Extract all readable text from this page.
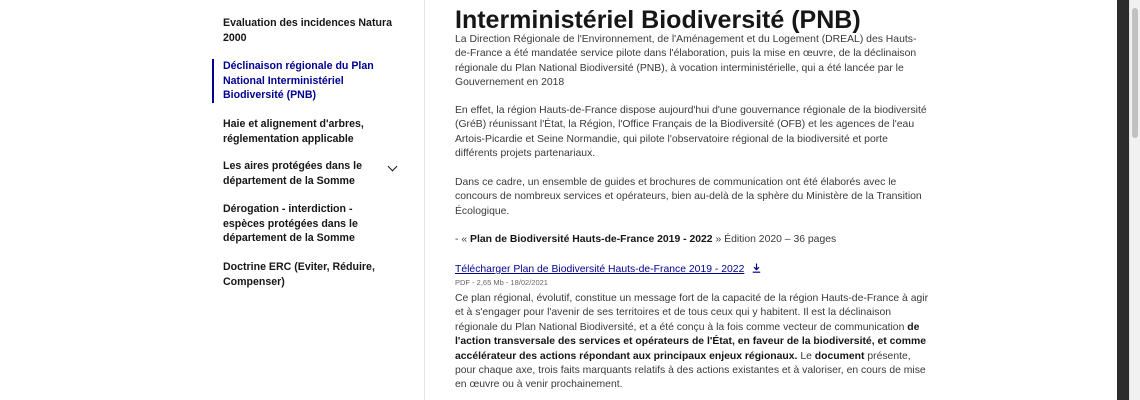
Evaluation des incidences Natura 2000
Déclinaison régionale du Plan National Interministériel Biodiversité (PNB)
Haie et alignement d'arbres, réglementation applicable
Les aires protégées dans le département de la Somme
Dérogation - interdiction - espèces protégées dans le département de la Somme
Doctrine ERC (Eviter, Réduire, Compenser)
Interministériel Biodiversité (PNB)

La Direction Régionale de l'Environnement, de l'Aménagement et du Logement (DREAL) des Hauts-de-France a été mandatée service pilote dans l'élaboration, puis la mise en œuvre, de la déclinaison régionale du Plan National Biodiversité (PNB), à vocation interministérielle, qui a été lancée par le Gouvernement en 2018

En effet, la région Hauts-de-France dispose aujourd'hui d'une gouvernance régionale de la biodiversité (GréB) réunissant l'État, la Région, l'Office Français de la Biodiversité (OFB) et les agences de l'eau Artois-Picardie et Seine Normandie, qui pilote l'observatoire régional de la biodiversité et porte différents projets partenariaux.

Dans ce cadre, un ensemble de guides et brochures de communication ont été élaborés avec le concours de nombreux services et opérateurs, bien au-delà de la sphère du Ministère de la Transition Écologique.

- « Plan de Biodiversité Hauts-de-France 2019 - 2022 » Édition 2020 – 36 pages
Télécharger Plan de Biodiversité Hauts-de-France 2019 - 2022
PDF - 2,65 Mb - 18/02/2021

Ce plan régional, évolutif, constitue un message fort de la capacité de la région Hauts-de-France à agir et à s'engager pour l'avenir de ses territoires et de tous ceux qui y habitent. Il est la déclinaison régionale du Plan National Biodiversité, et a été conçu à la fois comme vecteur de communication de l'action transversale des services et opérateurs de l'État, en faveur de la biodiversité, et comme accélérateur des actions répondant aux principaux enjeux régionaux. Le document présente, pour chaque axe, trois faits marquants relatifs à des actions existantes et à valoriser, en cours de mise en œuvre ou à venir prochainement.
